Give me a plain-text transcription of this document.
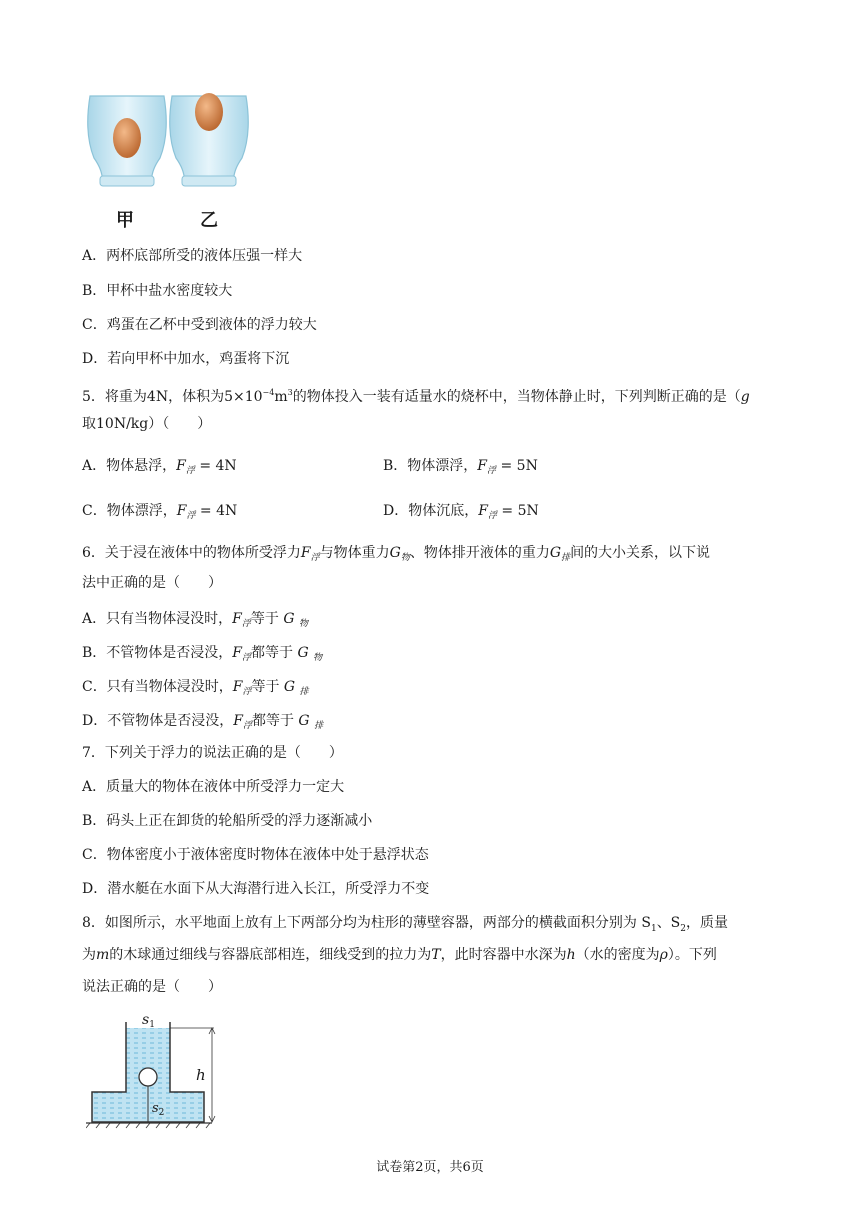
甲	乙
A．两杯底部所受的液体压强一样大
B．甲杯中盐水密度较大
C．鸡蛋在乙杯中受到液体的浮力较大
D．若向甲杯中加水，鸡蛋将下沉
5．将重为4N，体积为$5\times 10^{-4}m^3$的物体投入一装有适量水的烧杯中，当物体静止时，下列判断正确的是（g
取10N/kg）（　　）
A．物体悬浮，$F_浮 = 4N$	B．物体漂浮，$F_浮 = 5N$
C．物体漂浮，$F_浮 = 4N$	D．物体沉底，$F_浮 = 5N$
6．关于浸在液体中的物体所受浮力$F_浮$与物体重力$G_物$、物体排开液体的重力$G_排$间的大小关系，以下说
法中正确的是（　　）
A．只有当物体浸没时，$F_浮$等于 G $_物$
B．不管物体是否浸没，$F_浮$都等于 G $_物$
C．只有当物体浸没时，$F_浮$等于 G $_排$
D．不管物体是否浸没，$F_浮$都等于 G $_排$
7．下列关于浮力的说法正确的是（　　）
A．质量大的物体在液体中所受浮力一定大
B．码头上正在卸货的轮船所受的浮力逐渐减小
C．物体密度小于液体密度时物体在液体中处于悬浮状态
D．潜水艇在水面下从大海潜行进入长江，所受浮力不变
8．如图所示，水平地面上放有上下两部分均为柱形的薄壁容器，两部分的横截面积分别为 $S_1$、$S_2$，质量
为m的木球通过细线与容器底部相连，细线受到的拉力为T，此时容器中水深为h（水的密度为ρ）。下列
说法正确的是（　　）
$s_1$
h
$s_2$
试卷第2页，共6页
